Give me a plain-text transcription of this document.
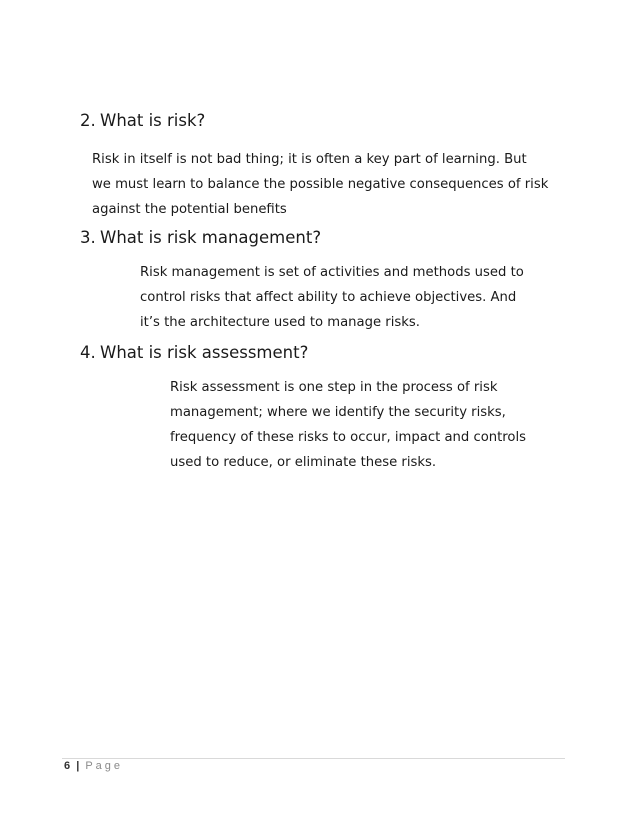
2. What is risk?

Risk in itself is not bad thing; it is often a key part of learning. But

we must learn to balance the possible negative consequences of risk

against the potential benefits

3. What is risk management?

Risk management is set of activities and methods used to

control risks that affect ability to achieve objectives. And

it’s the architecture used to manage risks.

4. What is risk assessment?

Risk assessment is one step in the process of risk

management; where we identify the security risks,

frequency of these risks to occur, impact and controls

used to reduce, or eliminate these risks.

6 | Page
